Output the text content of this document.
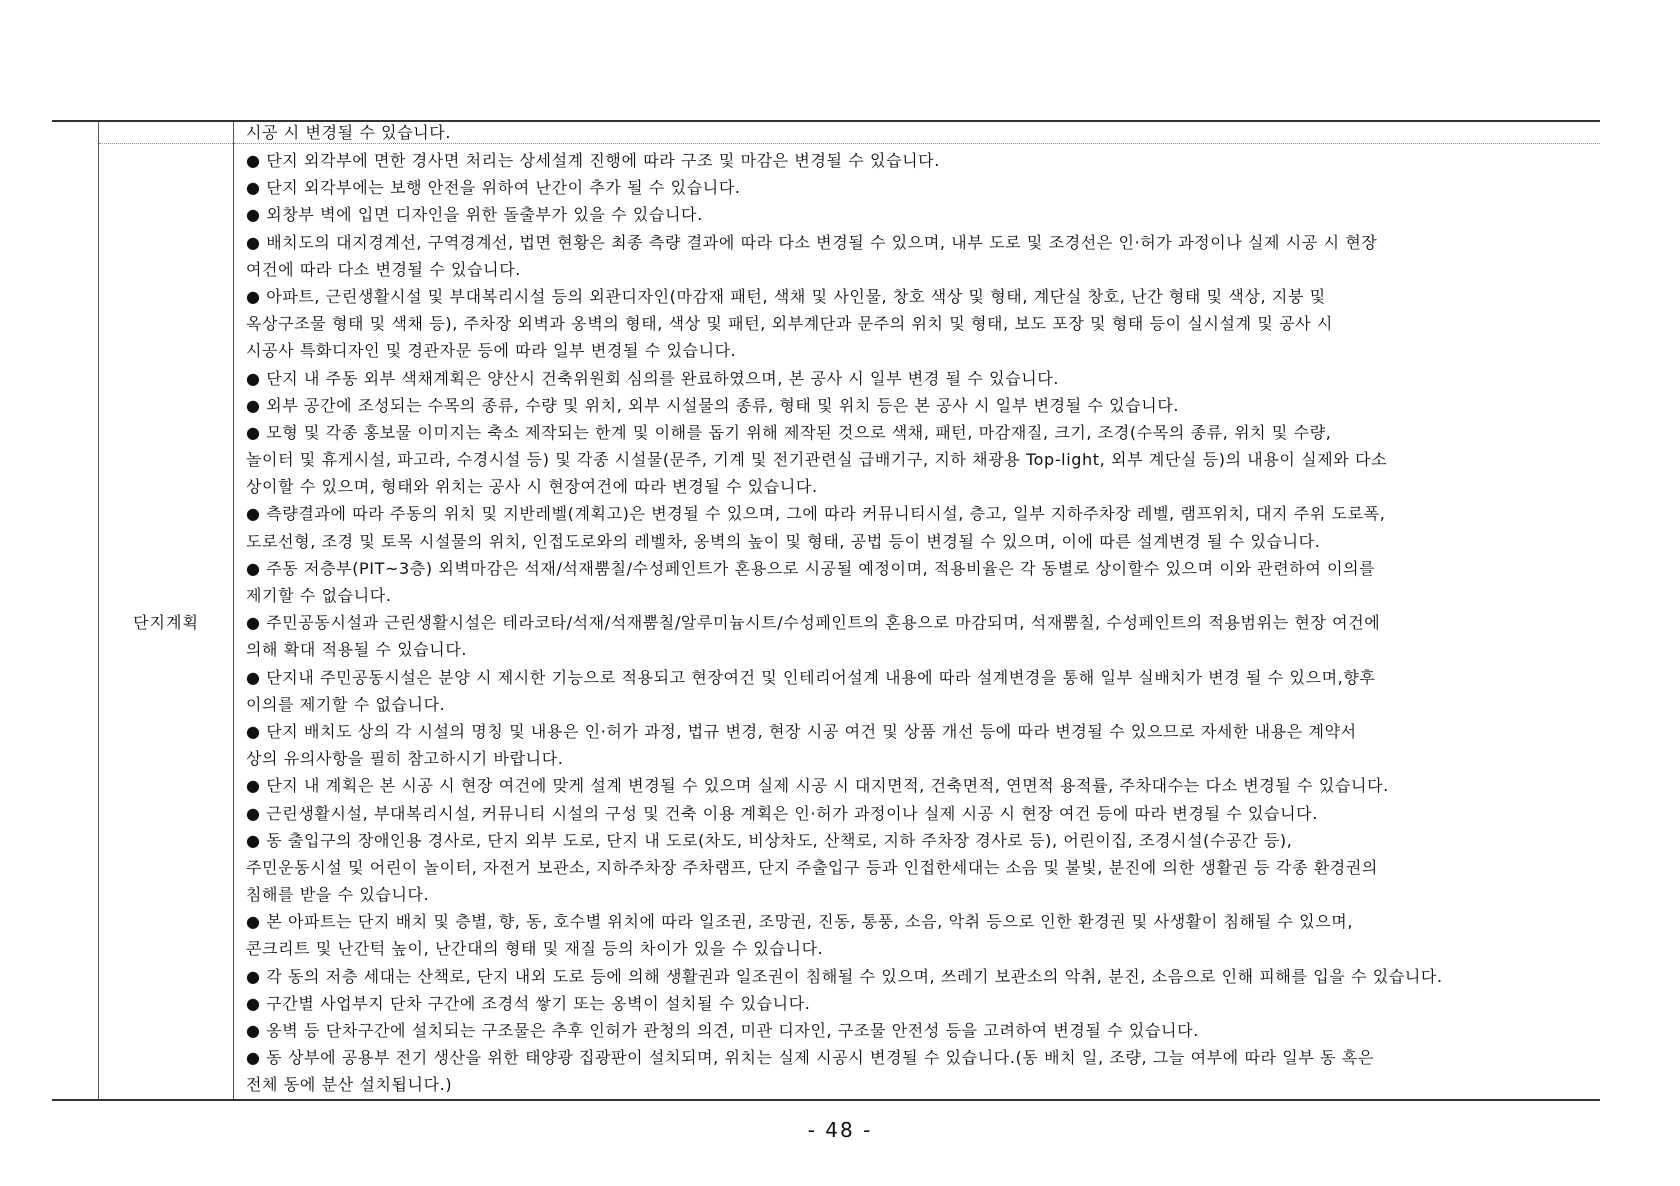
단지계획
시공 시 변경될 수 있습니다.
● 단지 외각부에 면한 경사면 처리는 상세설계 진행에 따라 구조 및 마감은 변경될 수 있습니다.
● 단지 외각부에는 보행 안전을 위하여 난간이 추가 될 수 있습니다.
● 외창부 벽에 입면 디자인을 위한 돌출부가 있을 수 있습니다.
● 배치도의 대지경계선, 구역경계선, 법면 현황은 최종 측량 결과에 따라 다소 변경될 수 있으며, 내부 도로 및 조경선은 인·허가 과정이나 실제 시공 시 현장
여건에 따라 다소 변경될 수 있습니다.
● 아파트, 근린생활시설 및 부대복리시설 등의 외관디자인(마감재 패턴, 색채 및 사인물, 창호 색상 및 형태, 계단실 창호, 난간 형태 및 색상, 지붕 및
옥상구조물 형태 및 색채 등), 주차장 외벽과 옹벽의 형태, 색상 및 패턴, 외부계단과 문주의 위치 및 형태, 보도 포장 및 형태 등이 실시설계 및 공사 시
시공사 특화디자인 및 경관자문 등에 따라 일부 변경될 수 있습니다.
● 단지 내 주동 외부 색채계획은 양산시 건축위원회 심의를 완료하였으며, 본 공사 시 일부 변경 될 수 있습니다.
● 외부 공간에 조성되는 수목의 종류, 수량 및 위치, 외부 시설물의 종류, 형태 및 위치 등은 본 공사 시 일부 변경될 수 있습니다.
● 모형 및 각종 홍보물 이미지는 축소 제작되는 한계 및 이해를 돕기 위해 제작된 것으로 색채, 패턴, 마감재질, 크기, 조경(수목의 종류, 위치 및 수량,
놀이터 및 휴게시설, 파고라, 수경시설 등) 및 각종 시설물(문주, 기계 및 전기관련실 급배기구, 지하 채광용 Top-light, 외부 계단실 등)의 내용이 실제와 다소
상이할 수 있으며, 형태와 위치는 공사 시 현장여건에 따라 변경될 수 있습니다.
● 측량결과에 따라 주동의 위치 및 지반레벨(계획고)은 변경될 수 있으며, 그에 따라 커뮤니티시설, 층고, 일부 지하주차장 레벨, 램프위치, 대지 주위 도로폭,
도로선형, 조경 및 토목 시설물의 위치, 인접도로와의 레벨차, 옹벽의 높이 및 형태, 공법 등이 변경될 수 있으며, 이에 따른 설계변경 될 수 있습니다.
● 주동 저층부(PIT~3층) 외벽마감은 석재/석재뿜칠/수성페인트가 혼용으로 시공될 예정이며, 적용비율은 각 동별로 상이할수 있으며 이와 관련하여 이의를
제기할 수 없습니다.
● 주민공동시설과 근린생활시설은 테라코타/석재/석재뿜칠/알루미늄시트/수성페인트의 혼용으로 마감되며, 석재뿜칠, 수성페인트의 적용범위는 현장 여건에
의해 확대 적용될 수 있습니다.
● 단지내 주민공동시설은 분양 시 제시한 기능으로 적용되고 현장여건 및 인테리어설계 내용에 따라 설계변경을 통해 일부 실배치가 변경 될 수 있으며,향후
이의를 제기할 수 없습니다.
● 단지 배치도 상의 각 시설의 명칭 및 내용은 인·허가 과정, 법규 변경, 현장 시공 여건 및 상품 개선 등에 따라 변경될 수 있으므로 자세한 내용은 계약서
상의 유의사항을 필히 참고하시기 바랍니다.
● 단지 내 계획은 본 시공 시 현장 여건에 맞게 설계 변경될 수 있으며 실제 시공 시 대지면적, 건축면적, 연면적 용적률, 주차대수는 다소 변경될 수 있습니다.
● 근린생활시설, 부대복리시설, 커뮤니티 시설의 구성 및 건축 이용 계획은 인·허가 과정이나 실제 시공 시 현장 여건 등에 따라 변경될 수 있습니다.
● 동 출입구의 장애인용 경사로, 단지 외부 도로, 단지 내 도로(차도, 비상차도, 산책로, 지하 주차장 경사로 등), 어린이집, 조경시설(수공간 등),
주민운동시설 및 어린이 놀이터, 자전거 보관소, 지하주차장 주차램프, 단지 주출입구 등과 인접한세대는 소음 및 불빛, 분진에 의한 생활권 등 각종 환경권의
침해를 받을 수 있습니다.
● 본 아파트는 단지 배치 및 층별, 향, 동, 호수별 위치에 따라 일조권, 조망권, 진동, 통풍, 소음, 악취 등으로 인한 환경권 및 사생활이 침해될 수 있으며,
콘크리트 및 난간턱 높이, 난간대의 형태 및 재질 등의 차이가 있을 수 있습니다.
● 각 동의 저층 세대는 산책로, 단지 내외 도로 등에 의해 생활권과 일조권이 침해될 수 있으며, 쓰레기 보관소의 악취, 분진, 소음으로 인해 피해를 입을 수 있습니다.
● 구간별 사업부지 단차 구간에 조경석 쌓기 또는 옹벽이 설치될 수 있습니다.
● 옹벽 등 단차구간에 설치되는 구조물은 추후 인허가 관청의 의견, 미관 디자인, 구조물 안전성 등을 고려하여 변경될 수 있습니다.
● 동 상부에 공용부 전기 생산을 위한 태양광 집광판이 설치되며, 위치는 실제 시공시 변경될 수 있습니다.(동 배치 일, 조량, 그늘 여부에 따라 일부 동 혹은
전체 동에 분산 설치됩니다.)
- 48 -
